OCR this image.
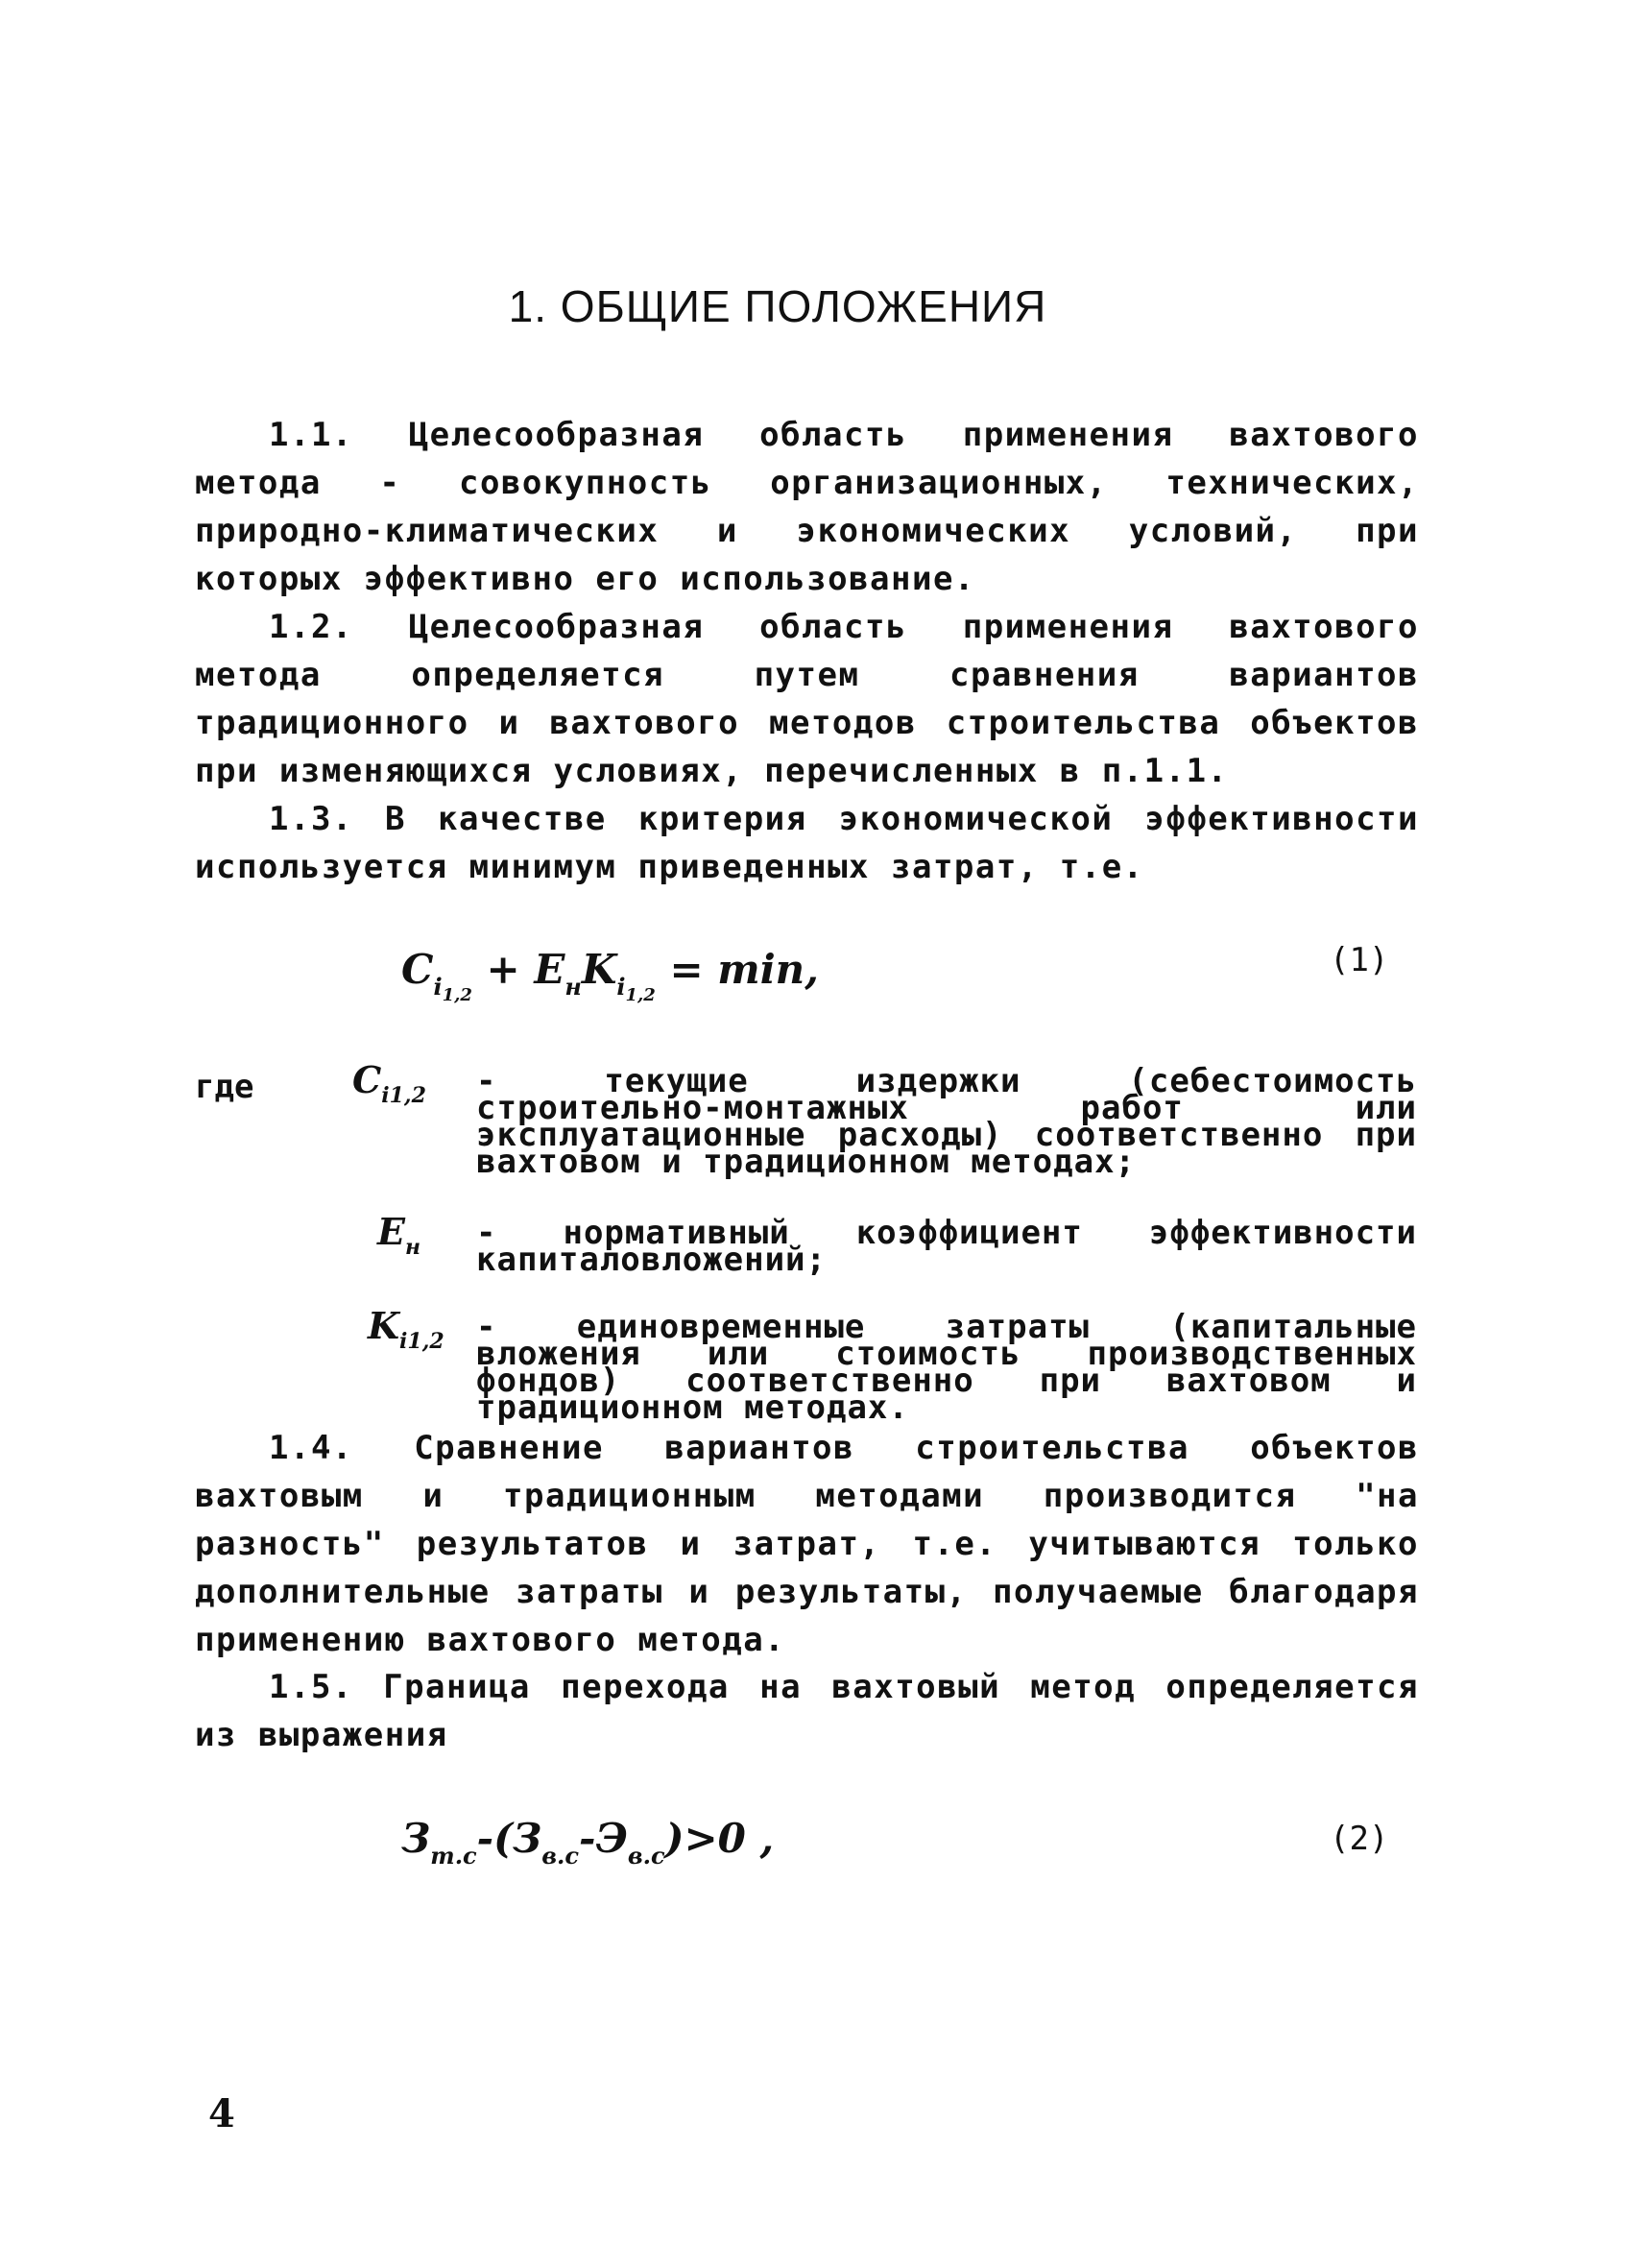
1. ОБЩИЕ ПОЛОЖЕНИЯ

1.1. Целесообразная область применения вахтового метода - совокупность организационных, технических, природно-климатических и экономических условий, при которых эффективно его использование.

1.2. Целесообразная область применения вахтового метода определяется путем сравнения вариантов традиционного и вахтового методов строительства объектов при изменяющихся условиях, перечисленных в п.1.1.

1.3. В качестве критерия экономической эффективности используется минимум приведенных затрат, т.е.

$C_{i_{1,2}} + E_нK_{i_{1,2}} = \min$,	(1)
где	$C_{i1,2}$ - текущие издержки (себестоимость строительно-монтажных работ или эксплуатационные расходы) соответственно при вахтовом и традиционном методах;
$E_н$ - нормативный коэффициент эффективности капиталовложений;
$K_{i1,2}$ - единовременные затраты (капитальные вложения или стоимость производственных фондов) соответственно при вахтовом и традиционном методах.

1.4. Сравнение вариантов строительства объектов вахтовым и традиционным методами производится "на разность" результатов и затрат, т.е. учитываются только дополнительные затраты и результаты, получаемые благодаря применению вахтового метода.

1.5. Граница перехода на вахтовый метод определяется из выражения

$З_{т.с}-(З_{в.с}-Э_{в.с})>0$ ,	(2)
4
